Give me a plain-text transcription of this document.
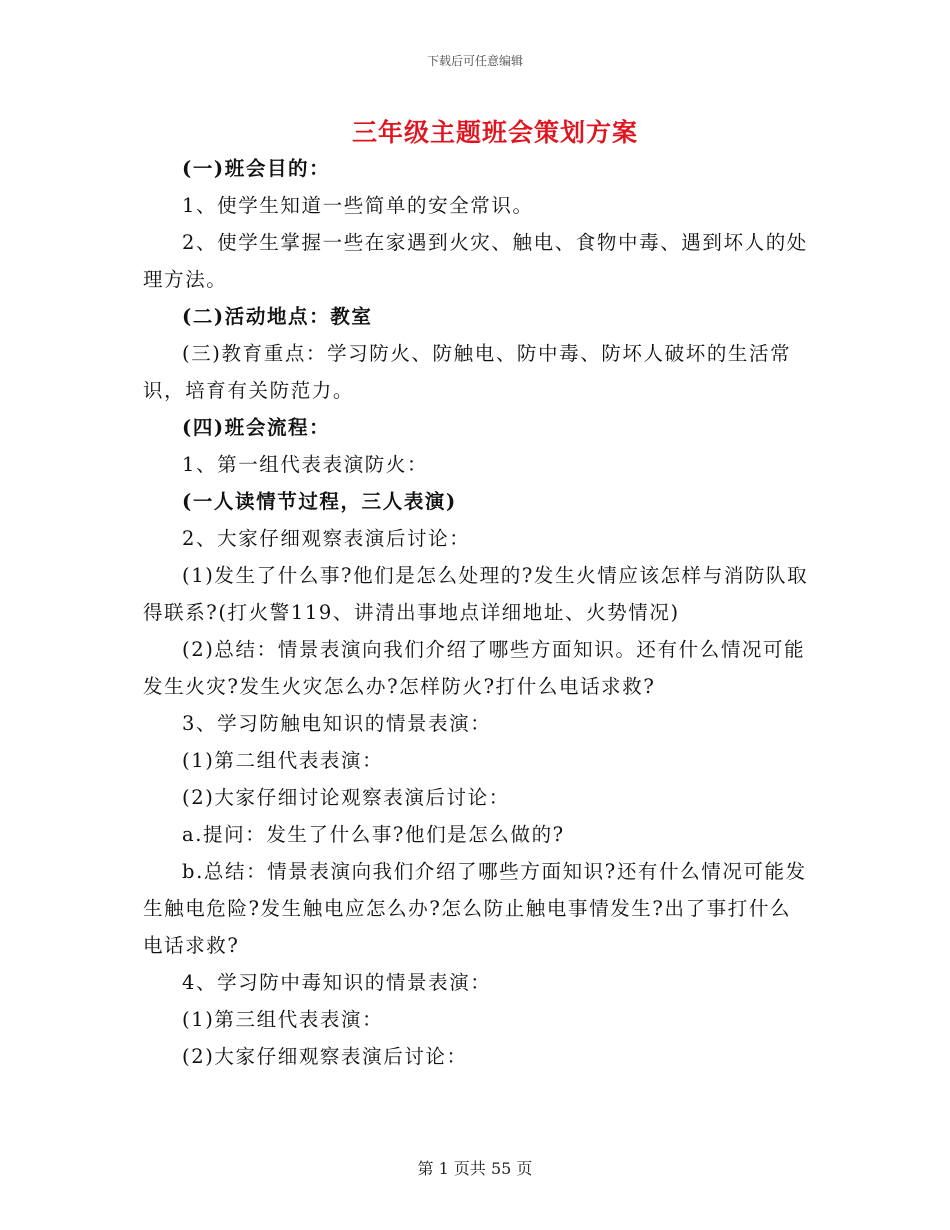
下载后可任意编辑
三年级主题班会策划方案

(一)班会目的：

1、使学生知道一些简单的安全常识。

2、使学生掌握一些在家遇到火灾、触电、食物中毒、遇到坏人的处理方法。

(二)活动地点：教室

(三)教育重点：学习防火、防触电、防中毒、防坏人破坏的生活常识，培育有关防范力。

(四)班会流程：

1、第一组代表表演防火：

(一人读情节过程，三人表演)

2、大家仔细观察表演后讨论：

(1)发生了什么事?他们是怎么处理的?发生火情应该怎样与消防队取得联系?(打火警119、讲清出事地点详细地址、火势情况)

(2)总结：情景表演向我们介绍了哪些方面知识。还有什么情况可能发生火灾?发生火灾怎么办?怎样防火?打什么电话求救?

3、学习防触电知识的情景表演：

(1)第二组代表表演：

(2)大家仔细讨论观察表演后讨论：

a.提问：发生了什么事?他们是怎么做的?

b.总结：情景表演向我们介绍了哪些方面知识?还有什么情况可能发生触电危险?发生触电应怎么办?怎么防止触电事情发生?出了事打什么电话求救?

4、学习防中毒知识的情景表演：

(1)第三组代表表演：

(2)大家仔细观察表演后讨论：

第 1 页共 55 页
